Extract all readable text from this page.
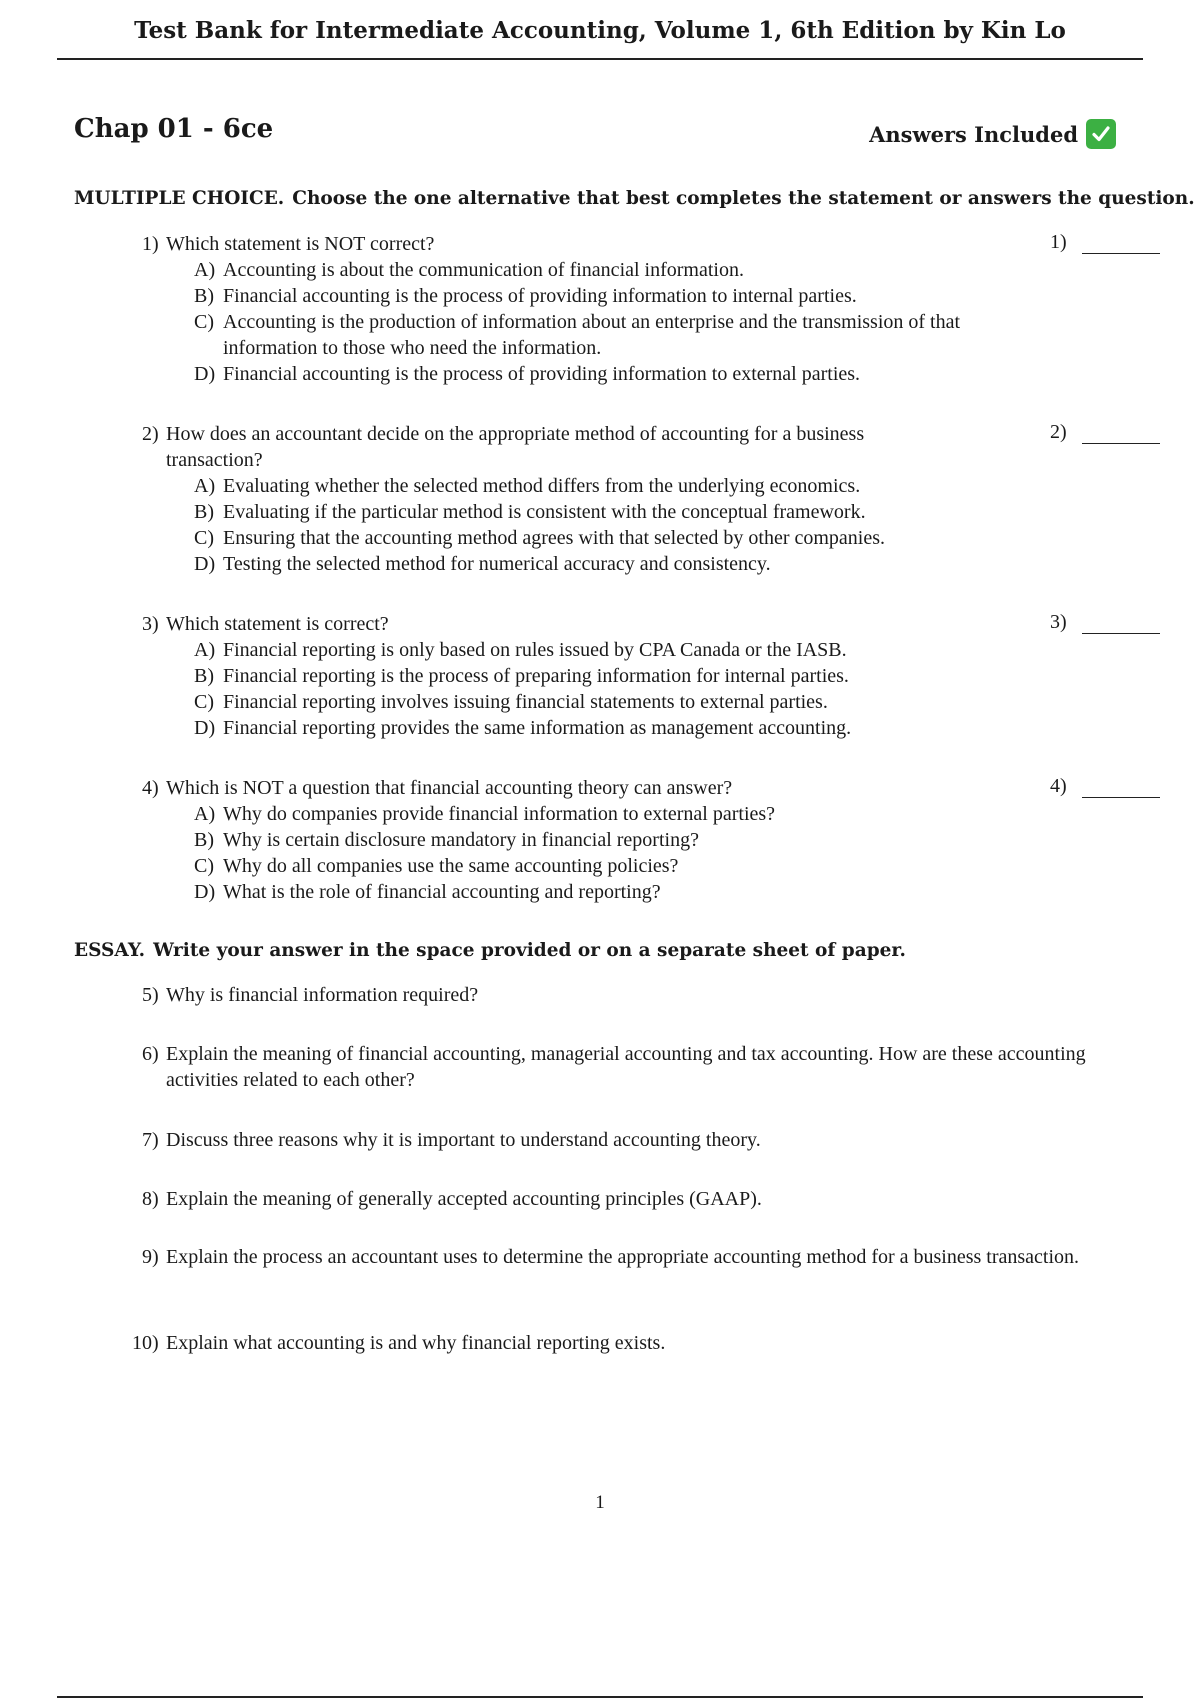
Test Bank for Intermediate Accounting, Volume 1, 6th Edition by Kin Lo
Chap 01 - 6ce	Answers Included
MULTIPLE CHOICE. Choose the one alternative that best completes the statement or answers the question.
1) Which statement is NOT correct?
A) Accounting is about the communication of financial information.
B) Financial accounting is the process of providing information to internal parties.
C) Accounting is the production of information about an enterprise and the transmission of that information to those who need the information.
D) Financial accounting is the process of providing information to external parties.
1)
2) How does an accountant decide on the appropriate method of accounting for a business transaction?
A) Evaluating whether the selected method differs from the underlying economics.
B) Evaluating if the particular method is consistent with the conceptual framework.
C) Ensuring that the accounting method agrees with that selected by other companies.
D) Testing the selected method for numerical accuracy and consistency.
2)
3) Which statement is correct?
A) Financial reporting is only based on rules issued by CPA Canada or the IASB.
B) Financial reporting is the process of preparing information for internal parties.
C) Financial reporting involves issuing financial statements to external parties.
D) Financial reporting provides the same information as management accounting.
3)
4) Which is NOT a question that financial accounting theory can answer?
A) Why do companies provide financial information to external parties?
B) Why is certain disclosure mandatory in financial reporting?
C) Why do all companies use the same accounting policies?
D) What is the role of financial accounting and reporting?
4)
ESSAY. Write your answer in the space provided or on a separate sheet of paper.
5) Why is financial information required?
6) Explain the meaning of financial accounting, managerial accounting and tax accounting. How are these accounting activities related to each other?
7) Discuss three reasons why it is important to understand accounting theory.
8) Explain the meaning of generally accepted accounting principles (GAAP).
9) Explain the process an accountant uses to determine the appropriate accounting method for a business transaction.
10) Explain what accounting is and why financial reporting exists.
1
